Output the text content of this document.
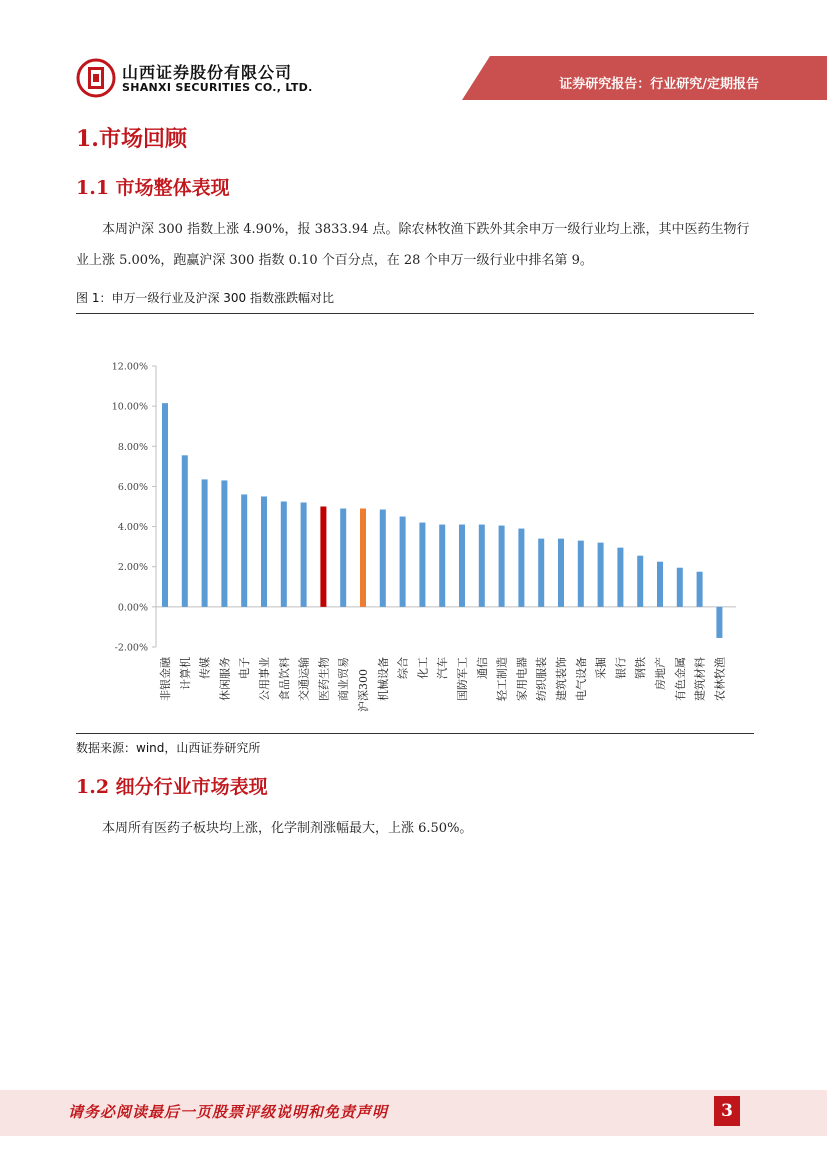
山西证券股份有限公司
SHANXI SECURITIES CO., LTD.	证券研究报告：行业研究/定期报告
1.市场回顾
1.1 市场整体表现
本周沪深 300 指数上涨 4.90%，报 3833.94 点。除农林牧渔下跌外其余申万一级行业均上涨，其中医药生物行业上涨 5.00%，跑赢沪深 300 指数 0.10 个百分点，在 28 个申万一级行业中排名第 9。
图 1：申万一级行业及沪深 300 指数涨跌幅对比
-2.00%
0.00%
2.00%
4.00%
6.00%
8.00%
10.00%
12.00%
非银金融 计算机 传媒 休闲服务 电子 公用事业 食品饮料 交通运输 医药生物 商业贸易 沪深300 机械设备 综合 化工 汽车 国防军工 通信 轻工制造 家用电器 纺织服装 建筑装饰 电气设备 采掘 银行 钢铁 房地产 有色金属 建筑材料 农林牧渔
数据来源：wind，山西证券研究所
1.2 细分行业市场表现
本周所有医药子板块均上涨，化学制剂涨幅最大，上涨 6.50%。
请务必阅读最后一页股票评级说明和免责声明	3
